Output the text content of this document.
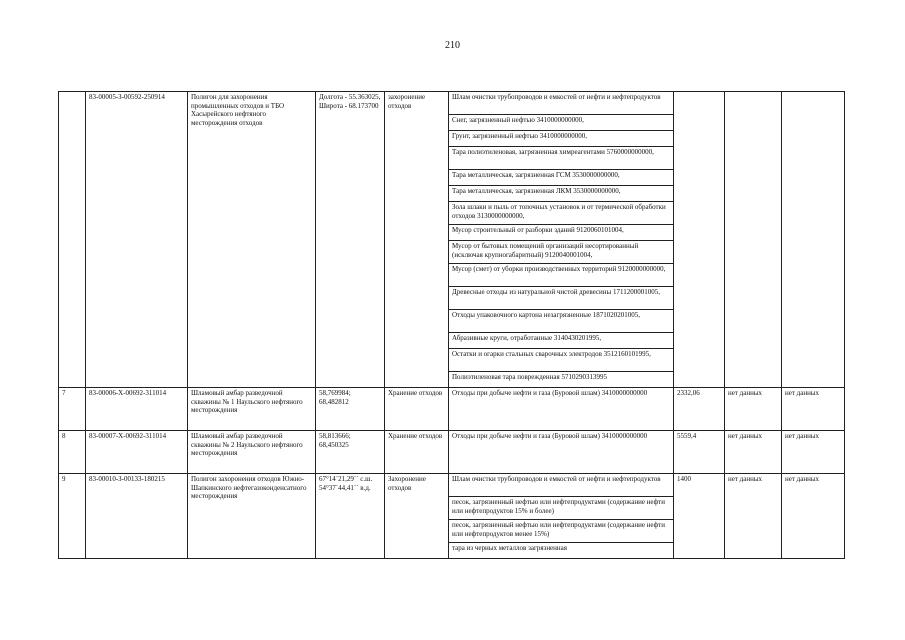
210
	83-00005-З-00592-250914	Полигон для захоронения промышленных отходов и ТБО Хасырейского нефтяного месторождения отходов	Долгота - 55.363025, Широта - 68.173700	захоронение отходов	Шлам очистки трубопроводов и емкостей от нефти и нефтепродуктов			
					Снег, загрязненный нефтью 3410000000000,			
					Грунт, загрязненный нефтью 3410000000000,			
					Тара полиэтиленовая, загрязненная химреагентами 5760000000000,			
					Тара металлическая, загрязненная ГСМ 3530000000000,			
					Тара металлическая, загрязненная ЛКМ 3530000000000,			
					Зола шлаки и пыль от топочных установок и от термической обработки отходов 3130000000000,			
					Мусор строительный от разборки зданий 9120060101004,			
					Мусор от бытовых помещений организаций несортированный (исключая крупногабаритный) 9120040001004,			
					Мусор (смет) от уборки производственных территорий 9120000000000,			
					Древесные отходы из натуральной чистой древесины 1711200001005,			
					Отходы упаковочного картона незагрязненные 1871020201005,			
					Абразивные круги, отработанные 3140430201995,			
					Остатки и огарки стальных сварочных электродов 3512160101995,			
					Полиэтиленовая тара поврежденная 5710290313995			
7	83-00006-Х-00692-311014	Шламовый амбар разведочной скважины № 1 Наульского нефтяного месторождения	58,769984; 68,482812	Хранение отходов	Отходы при добыче нефти и газа (Буровой шлам) 3410000000000	2332,06	нет данных	нет данных
8	83-00007-Х-00692-311014	Шламовый амбар разведочной скважины № 2 Наульского нефтяного месторождения	58,813666; 68,450325	Хранение отходов	Отходы при добыче нефти и газа (Буровой шлам) 3410000000000	5559,4	нет данных	нет данных
9	83-00010-З-00133-180215	Полигон захоронения отходов Южно-Шапкинского нефтегазоконденсатного месторождения	67°14´21,29´´ с.ш. 54°37´44,41´´ в.д.	Захоронение отходов	Шлам очистки трубопроводов и емкостей от нефти и нефтепродуктов	1400	нет данных	нет данных
					песок, загрязненный нефтью или нефтепродуктами (содержание нефти или нефтепродуктов 15% и более)			
					песок, загрязненный нефтью или нефтепродуктами (содержание нефти или нефтепродуктов менее 15%)			
					тара из черных металлов загрязненная			
